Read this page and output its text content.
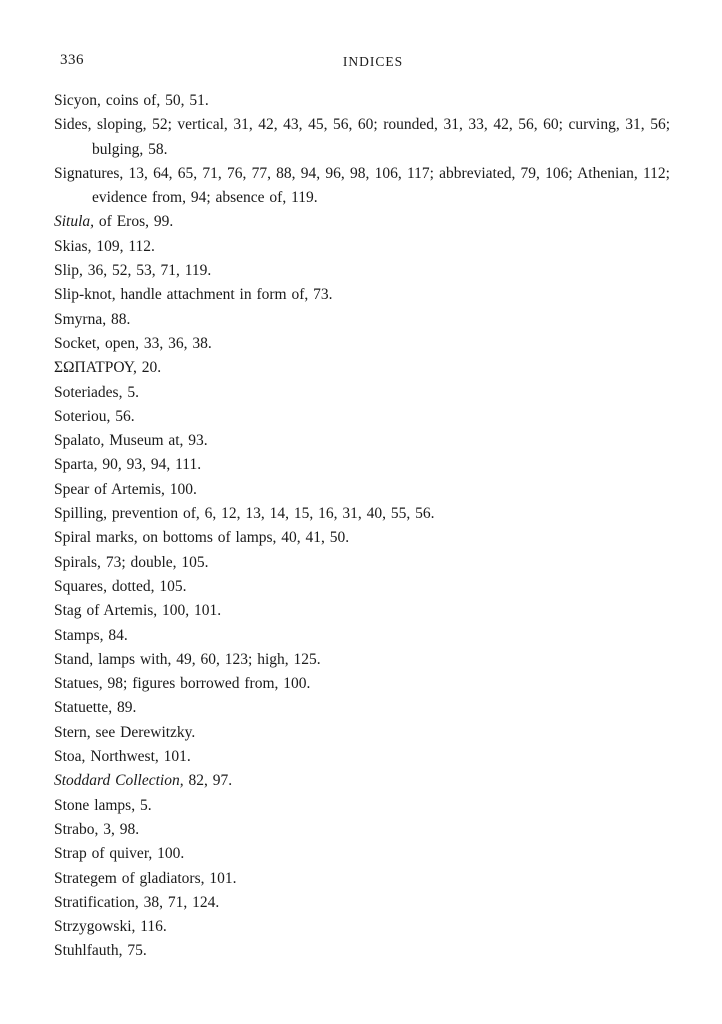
336	INDICES
Sicyon, coins of, 50, 51.
Sides, sloping, 52; vertical, 31, 42, 43, 45, 56, 60; rounded, 31, 33, 42, 56, 60; curving, 31, 56; bulging, 58.
Signatures, 13, 64, 65, 71, 76, 77, 88, 94, 96, 98, 106, 117; abbreviated, 79, 106; Athenian, 112; evidence from, 94; absence of, 119.
Situla, of Eros, 99.
Skias, 109, 112.
Slip, 36, 52, 53, 71, 119.
Slip-knot, handle attachment in form of, 73.
Smyrna, 88.
Socket, open, 33, 36, 38.
ΣΩΠΑΤΡΟΥ, 20.
Soteriades, 5.
Soteriou, 56.
Spalato, Museum at, 93.
Sparta, 90, 93, 94, 111.
Spear of Artemis, 100.
Spilling, prevention of, 6, 12, 13, 14, 15, 16, 31, 40, 55, 56.
Spiral marks, on bottoms of lamps, 40, 41, 50.
Spirals, 73; double, 105.
Squares, dotted, 105.
Stag of Artemis, 100, 101.
Stamps, 84.
Stand, lamps with, 49, 60, 123; high, 125.
Statues, 98; figures borrowed from, 100.
Statuette, 89.
Stern, see Derewitzky.
Stoa, Northwest, 101.
Stoddard Collection, 82, 97.
Stone lamps, 5.
Strabo, 3, 98.
Strap of quiver, 100.
Strategem of gladiators, 101.
Stratification, 38, 71, 124.
Strzygowski, 116.
Stuhlfauth, 75.
